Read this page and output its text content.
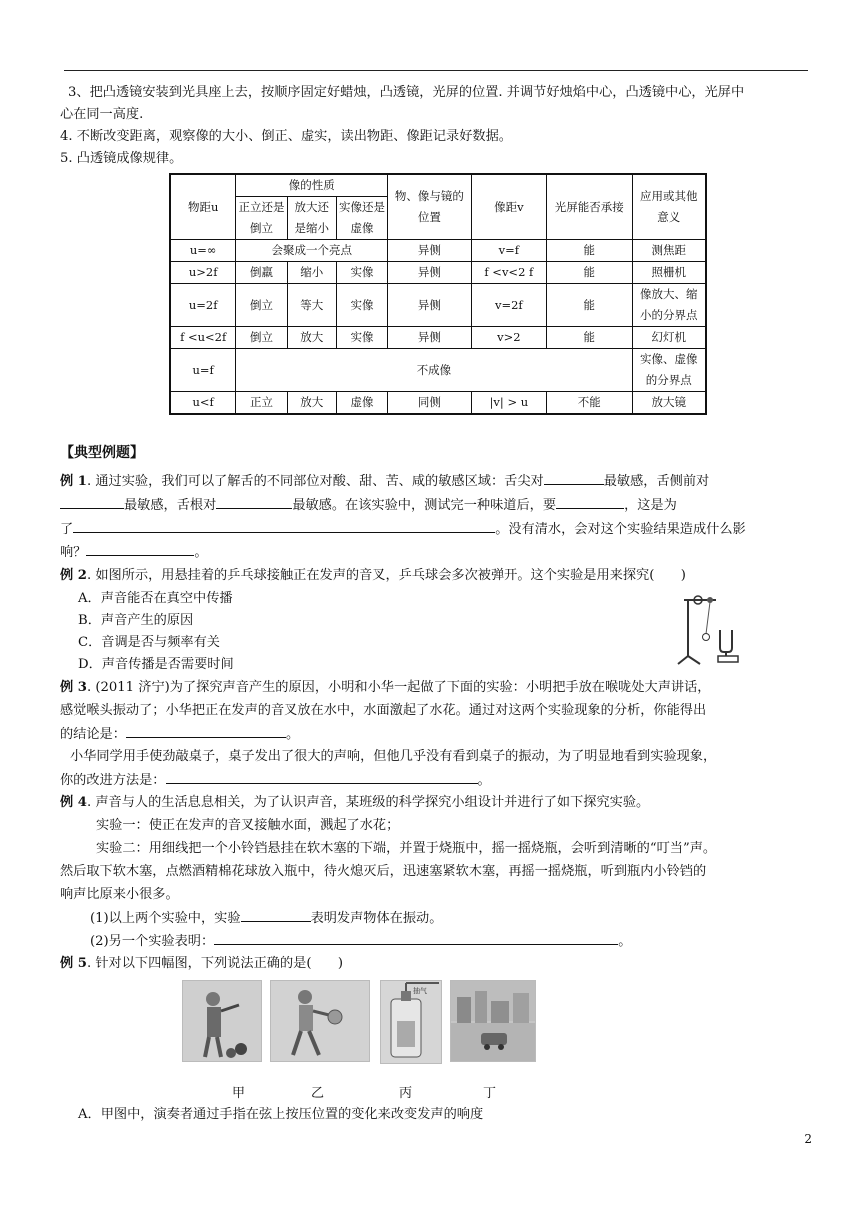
3、把凸透镜安装到光具座上去，按顺序固定好蜡烛，凸透镜，光屏的位置. 并调节好烛焰中心，凸透镜中心，光屏中
心在同一高度.
4. 不断改变距离，观察像的大小、倒正、虚实，读出物距、像距记录好数据。
5. 凸透镜成像规律。
物距u	像的性质			物、像与镜的位置	像距v	光屏能否承接	应用或其他意义
	正立还是倒立	放大还是缩小	实像还是虚像				
u=∞	会聚成一个亮点			异侧	v=f	能	测焦距
u>2f	倒羸	缩小	实像	异侧	f <v<2 f	能	照栅机
u=2f	倒立	等大	实像	异侧	v=2f	能	像放大、缩小的分界点
f <u<2f	倒立	放大	实像	异侧	v>2	能	幻灯机
u=f	不成像						实像、虚像的分界点
u<f	正立	放大	虚像	同侧	|v| > u	不能	放大镜
【典型例题】
例 1. 通过实验，我们可以了解舌的不同部位对酸、甜、苦、咸的敏感区域：舌尖对	最敏感，舌侧前对
最敏感，舌根对	最敏感。在该实验中，测试完一种味道后，要	，这是为
了	。没有清水，会对这个实验结果造成什么影
响？	。
例 2. 如图所示，用悬挂着的乒乓球接触正在发声的音叉，乒乓球会多次被弹开。这个实验是用来探究(　　)
A．声音能否在真空中传播
B．声音产生的原因
C．音调是否与频率有关
D．声音传播是否需要时间
例 3. (2011 济宁)为了探究声音产生的原因，小明和小华一起做了下面的实验：小明把手放在喉咙处大声讲话，
感觉喉头振动了；小华把正在发声的音叉放在水中，水面激起了水花。通过对这两个实验现象的分析，你能得出
的结论是：	。
小华同学用手使劲敲桌子，桌子发出了很大的声响，但他几乎没有看到桌子的振动，为了明显地看到实验现象，
你的改进方法是：	。
例 4. 声音与人的生活息息相关，为了认识声音，某班级的科学探究小组设计并进行了如下探究实验。
实验一：使正在发声的音叉接触水面，溅起了水花；
实验二：用细线把一个小铃铛悬挂在软木塞的下端，并置于烧瓶中，摇一摇烧瓶，会听到清晰的“叮当”声。
然后取下软木塞，点燃酒精棉花球放入瓶中，待火熄灭后，迅速塞紧软木塞，再摇一摇烧瓶，听到瓶内小铃铛的
响声比原来小很多。
(1)以上两个实验中，实验	表明发声物体在振动。
(2)另一个实验表明：	。
例 5. 针对以下四幅图，下列说法正确的是(　　)
抽气
甲	乙	丙	丁
A．甲图中，演奏者通过手指在弦上按压位置的变化来改变发声的响度
2
